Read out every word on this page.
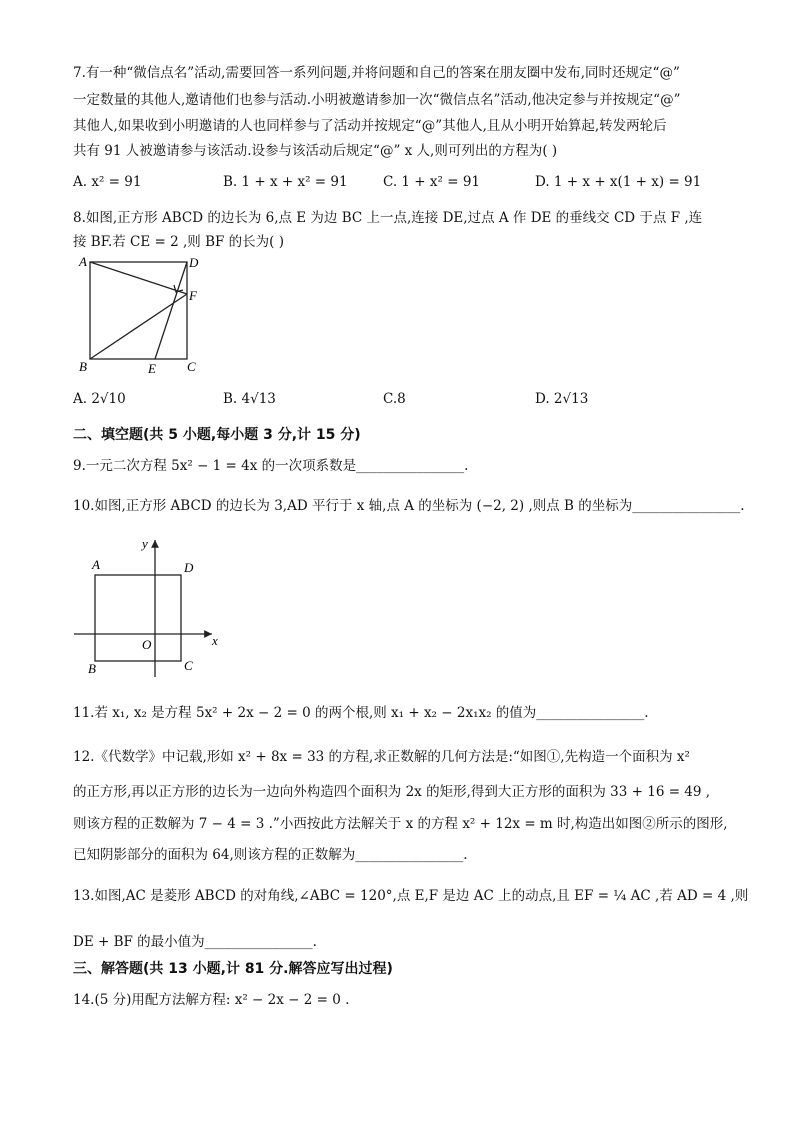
7.有一种“微信点名”活动,需要回答一系列问题,并将问题和自己的答案在朋友圈中发布,同时还规定“@”
一定数量的其他人,邀请他们也参与活动.小明被邀请参加一次“微信点名”活动,他决定参与并按规定“@”
其他人,如果收到小明邀请的人也同样参与了活动并按规定“@”其他人,且从小明开始算起,转发两轮后
共有 91 人被邀请参与该活动.设参与该活动后规定“@” x 人,则可列出的方程为( )
A. x² = 91	B. 1 + x + x² = 91	C. 1 + x² = 91	D. 1 + x + x(1 + x) = 91
8.如图,正方形 ABCD 的边长为 6,点 E 为边 BC 上一点,连接 DE,过点 A 作 DE 的垂线交 CD 于点 F ,连
接 BF.若 CE = 2 ,则 BF 的长为( )
A	D
F
B	E C
A. 2√10	B. 4√13	C.8	D. 2√13
二、填空题(共 5 小题,每小题 3 分,计 15 分)
9.一元二次方程 5x² − 1 = 4x 的一次项系数是________________.
10.如图,正方形 ABCD 的边长为 3,AD 平行于 x 轴,点 A 的坐标为 (−2, 2) ,则点 B 的坐标为________________.
y
x
O
A	D
B	C
11.若 x₁, x₂ 是方程 5x² + 2x − 2 = 0 的两个根,则 x₁ + x₂ − 2x₁x₂ 的值为________________.
12.《代数学》中记载,形如 x² + 8x = 33 的方程,求正数解的几何方法是:“如图①,先构造一个面积为 x²
的正方形,再以正方形的边长为一边向外构造四个面积为 2x 的矩形,得到大正方形的面积为 33 + 16 = 49 ,
则该方程的正数解为 7 − 4 = 3 .”小西按此方法解关于 x 的方程 x² + 12x = m 时,构造出如图②所示的图形,
已知阴影部分的面积为 64,则该方程的正数解为________________.
13.如图,AC 是菱形 ABCD 的对角线,∠ABC = 120°,点 E,F 是边 AC 上的动点,且 EF = ¼ AC ,若 AD = 4 ,则
DE + BF 的最小值为________________.
三、解答题(共 13 小题,计 81 分.解答应写出过程)
14.(5 分)用配方法解方程: x² − 2x − 2 = 0 .
